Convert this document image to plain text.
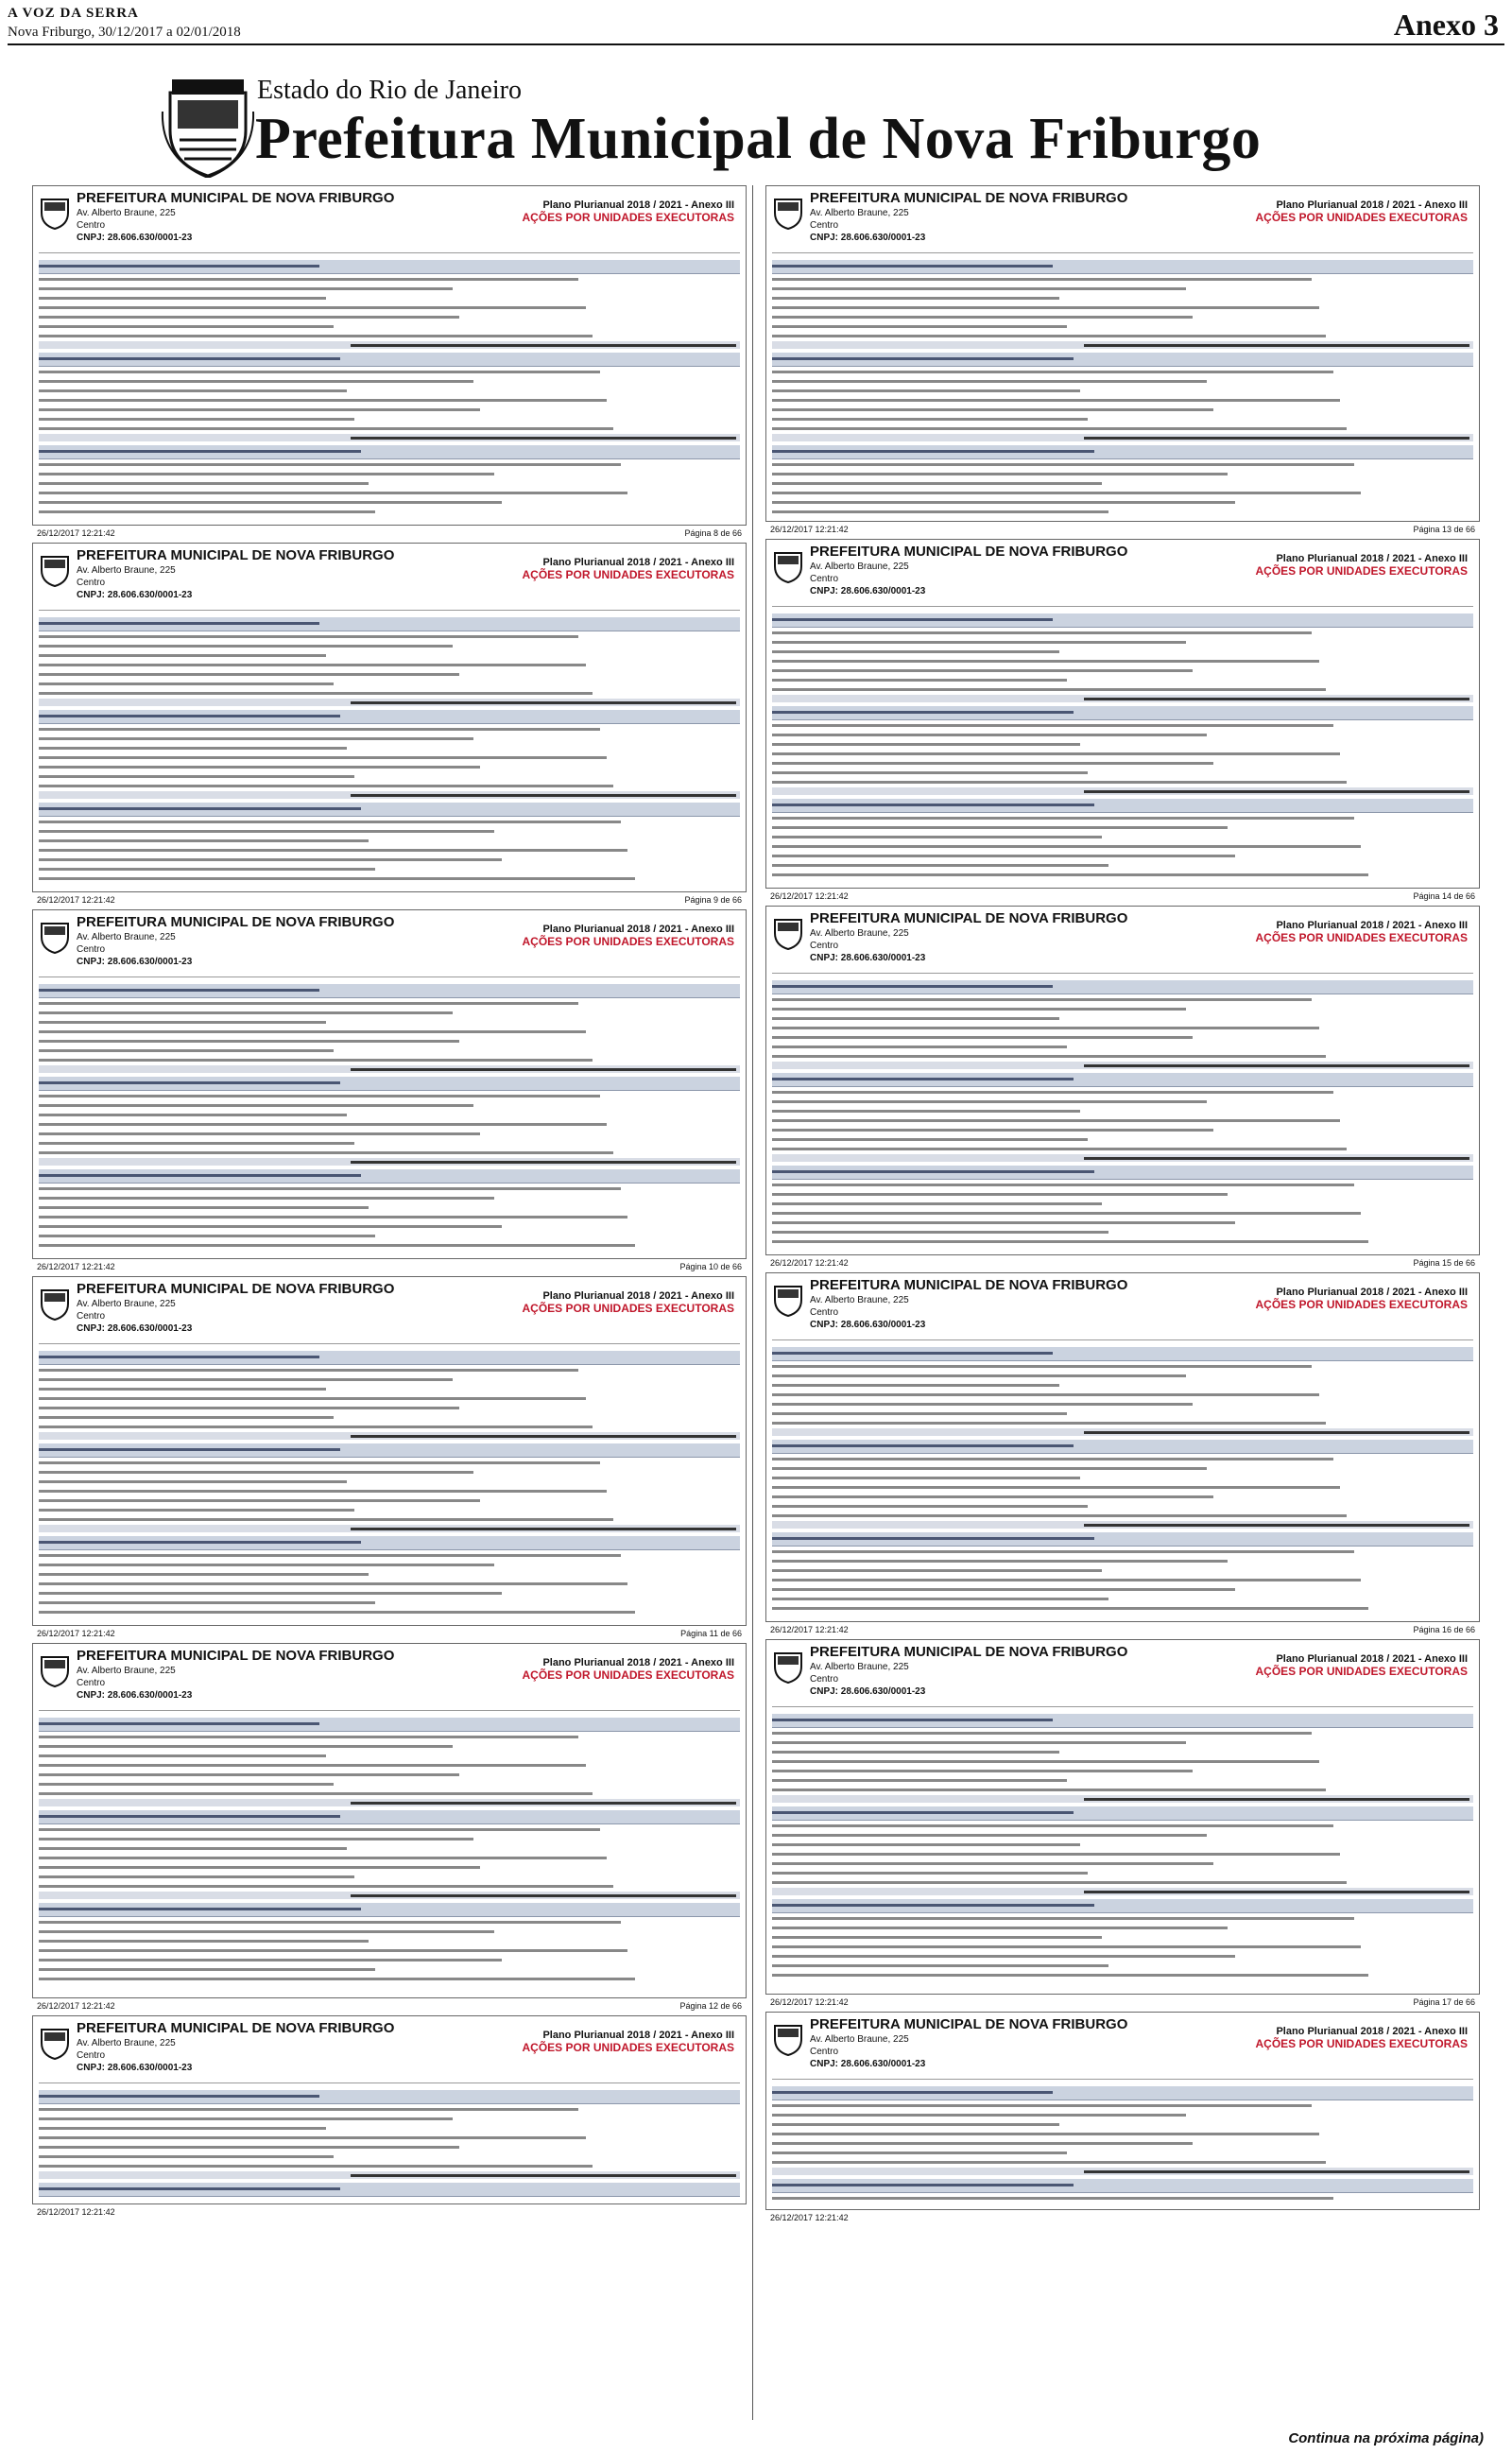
A VOZ DA SERRA
Nova Friburgo, 30/12/2017 a 02/01/2018	Anexo 3
Estado do Rio de Janeiro
Prefeitura Municipal de Nova Friburgo
PREFEITURA MUNICIPAL DE NOVA FRIBURGO
Av. Alberto Braune, 225
Centro
CNPJ: 28.606.630/0001-23
Plano Plurianual 2018 / 2021 - Anexo III
AÇÕES POR UNIDADES EXECUTORAS
26/12/2017 12:21:42	Página 8 de 66
PREFEITURA MUNICIPAL DE NOVA FRIBURGO
Av. Alberto Braune, 225
Centro
CNPJ: 28.606.630/0001-23
Plano Plurianual 2018 / 2021 - Anexo III
AÇÕES POR UNIDADES EXECUTORAS
26/12/2017 12:21:42	Página 9 de 66
PREFEITURA MUNICIPAL DE NOVA FRIBURGO
Av. Alberto Braune, 225
Centro
CNPJ: 28.606.630/0001-23
Plano Plurianual 2018 / 2021 - Anexo III
AÇÕES POR UNIDADES EXECUTORAS
26/12/2017 12:21:42	Página 10 de 66
PREFEITURA MUNICIPAL DE NOVA FRIBURGO
Av. Alberto Braune, 225
Centro
CNPJ: 28.606.630/0001-23
Plano Plurianual 2018 / 2021 - Anexo III
AÇÕES POR UNIDADES EXECUTORAS
26/12/2017 12:21:42	Página 11 de 66
PREFEITURA MUNICIPAL DE NOVA FRIBURGO
Av. Alberto Braune, 225
Centro
CNPJ: 28.606.630/0001-23
Plano Plurianual 2018 / 2021 - Anexo III
AÇÕES POR UNIDADES EXECUTORAS
26/12/2017 12:21:42	Página 12 de 66
PREFEITURA MUNICIPAL DE NOVA FRIBURGO
Av. Alberto Braune, 225
Centro
CNPJ: 28.606.630/0001-23
Plano Plurianual 2018 / 2021 - Anexo III
AÇÕES POR UNIDADES EXECUTORAS
26/12/2017 12:21:42
PREFEITURA MUNICIPAL DE NOVA FRIBURGO
Av. Alberto Braune, 225
Centro
CNPJ: 28.606.630/0001-23
Plano Plurianual 2018 / 2021 - Anexo III
AÇÕES POR UNIDADES EXECUTORAS
26/12/2017 12:21:42	Página 13 de 66
PREFEITURA MUNICIPAL DE NOVA FRIBURGO
Av. Alberto Braune, 225
Centro
CNPJ: 28.606.630/0001-23
Plano Plurianual 2018 / 2021 - Anexo III
AÇÕES POR UNIDADES EXECUTORAS
26/12/2017 12:21:42	Página 14 de 66
PREFEITURA MUNICIPAL DE NOVA FRIBURGO
Av. Alberto Braune, 225
Centro
CNPJ: 28.606.630/0001-23
Plano Plurianual 2018 / 2021 - Anexo III
AÇÕES POR UNIDADES EXECUTORAS
26/12/2017 12:21:42	Página 15 de 66
PREFEITURA MUNICIPAL DE NOVA FRIBURGO
Av. Alberto Braune, 225
Centro
CNPJ: 28.606.630/0001-23
Plano Plurianual 2018 / 2021 - Anexo III
AÇÕES POR UNIDADES EXECUTORAS
26/12/2017 12:21:42	Página 16 de 66
PREFEITURA MUNICIPAL DE NOVA FRIBURGO
Av. Alberto Braune, 225
Centro
CNPJ: 28.606.630/0001-23
Plano Plurianual 2018 / 2021 - Anexo III
AÇÕES POR UNIDADES EXECUTORAS
26/12/2017 12:21:42	Página 17 de 66
PREFEITURA MUNICIPAL DE NOVA FRIBURGO
Av. Alberto Braune, 225
Centro
CNPJ: 28.606.630/0001-23
Plano Plurianual 2018 / 2021 - Anexo III
AÇÕES POR UNIDADES EXECUTORAS
26/12/2017 12:21:42
Continua na próxima página)
